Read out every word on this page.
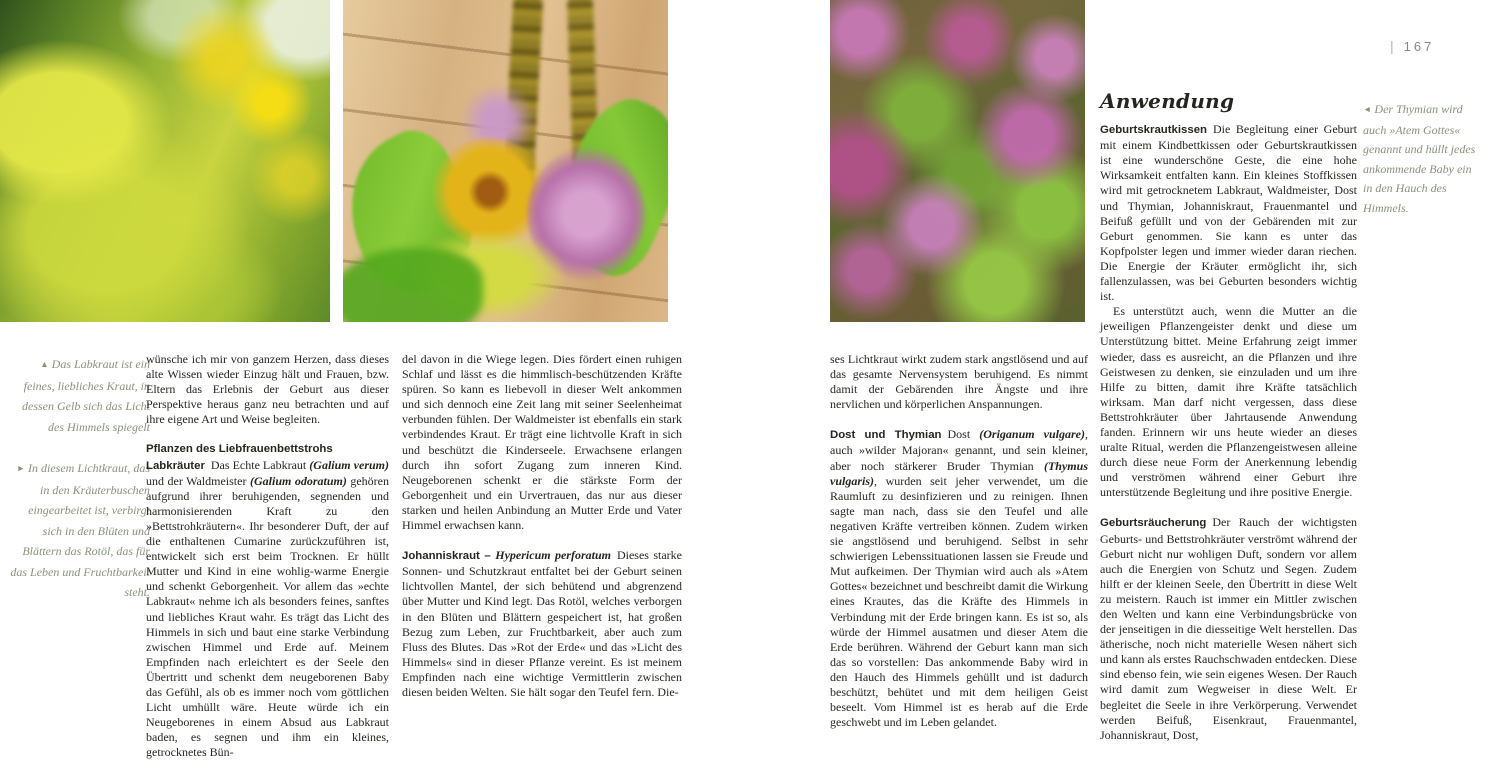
▲ Das Labkraut ist ein feines, liebliches Kraut, in dessen Gelb sich das Licht des Himmels spiegelt

► In diesem Lichtkraut, das in den Kräuterbuschen eingearbeitet ist, verbirgt sich in den Blüten und Blättern das Rotöl, das für das Leben und Fruchtbarkeit steht.

wünsche ich mir von ganzem Herzen, dass dieses alte Wissen wieder Einzug hält und Frauen, bzw. Eltern das Erlebnis der Geburt aus dieser Perspektive heraus ganz neu betrachten und auf ihre eigene Art und Weise begleiten.

Pflanzen des Liebfrauenbettstrohs

Labkräuter Das Echte Labkraut (Galium verum) und der Waldmeister (Galium odoratum) gehören aufgrund ihrer beruhigenden, segnenden und harmonisierenden Kraft zu den »Bettstrohkräutern«. Ihr besonderer Duft, der auf die enthaltenen Cumarine zurückzuführen ist, entwickelt sich erst beim Trocknen. Er hüllt Mutter und Kind in eine wohlig-warme Energie und schenkt Geborgenheit. Vor allem das »echte Labkraut« nehme ich als besonders feines, sanftes und liebliches Kraut wahr. Es trägt das Licht des Himmels in sich und baut eine starke Verbindung zwischen Himmel und Erde auf. Meinem Empfinden nach erleichtert es der Seele den Übertritt und schenkt dem neugeborenen Baby das Gefühl, als ob es immer noch vom göttlichen Licht umhüllt wäre. Heute würde ich ein Neugeborenes in einem Absud aus Labkraut baden, es segnen und ihm ein kleines, getrocknetes Bün-

del davon in die Wiege legen. Dies fördert einen ruhigen Schlaf und lässt es die himmlisch-beschützenden Kräfte spüren. So kann es liebevoll in dieser Welt ankommen und sich dennoch eine Zeit lang mit seiner Seelenheimat verbunden fühlen. Der Waldmeister ist ebenfalls ein stark verbindendes Kraut. Er trägt eine lichtvolle Kraft in sich und beschützt die Kinderseele. Erwachsene erlangen durch ihn sofort Zugang zum inneren Kind. Neugeborenen schenkt er die stärkste Form der Geborgenheit und ein Urvertrauen, das nur aus dieser starken und heilen Anbindung an Mutter Erde und Vater Himmel erwachsen kann.

Johanniskraut – Hypericum perforatum Dieses starke Sonnen- und Schutzkraut entfaltet bei der Geburt seinen lichtvollen Mantel, der sich behütend und abgrenzend über Mutter und Kind legt. Das Rotöl, welches verborgen in den Blüten und Blättern gespeichert ist, hat großen Bezug zum Leben, zur Fruchtbarkeit, aber auch zum Fluss des Blutes. Das »Rot der Erde« und das »Licht des Himmels« sind in dieser Pflanze vereint. Es ist meinem Empfinden nach eine wichtige Vermittlerin zwischen diesen beiden Welten. Sie hält sogar den Teufel fern. Die-

| 167
◄ Der Thymian wird auch »Atem Gottes« genannt und hüllt jedes ankommende Baby ein in den Hauch des Himmels.

ses Lichtkraut wirkt zudem stark angstlösend und auf das gesamte Nervensystem beruhigend. Es nimmt damit der Gebärenden ihre Ängste und ihre nervlichen und körperlichen Anspannungen.

Dost und Thymian Dost (Origanum vulgare), auch »wilder Majoran« genannt, und sein kleiner, aber noch stärkerer Bruder Thymian (Thymus vulgaris), wurden seit jeher verwendet, um die Raumluft zu desinfizieren und zu reinigen. Ihnen sagte man nach, dass sie den Teufel und alle negativen Kräfte vertreiben können. Zudem wirken sie angstlösend und beruhigend. Selbst in sehr schwierigen Lebenssituationen lassen sie Freude und Mut aufkeimen. Der Thymian wird auch als »Atem Gottes« bezeichnet und beschreibt damit die Wirkung eines Krautes, das die Kräfte des Himmels in Verbindung mit der Erde bringen kann. Es ist so, als würde der Himmel ausatmen und dieser Atem die Erde berühren. Während der Geburt kann man sich das so vorstellen: Das ankommende Baby wird in den Hauch des Himmels gehüllt und ist dadurch beschützt, behütet und mit dem heiligen Geist beseelt. Vom Himmel ist es herab auf die Erde geschwebt und im Leben gelandet.

Anwendung

Geburtskrautkissen Die Begleitung einer Geburt mit einem Kindbettkissen oder Geburtskrautkissen ist eine wunderschöne Geste, die eine hohe Wirksamkeit entfalten kann. Ein kleines Stoffkissen wird mit getrocknetem Labkraut, Waldmeister, Dost und Thymian, Johanniskraut, Frauenmantel und Beifuß gefüllt und von der Gebärenden mit zur Geburt genommen. Sie kann es unter das Kopfpolster legen und immer wieder daran riechen. Die Energie der Kräuter ermöglicht ihr, sich fallenzulassen, was bei Geburten besonders wichtig ist.

Es unterstützt auch, wenn die Mutter an die jeweiligen Pflanzengeister denkt und diese um Unterstützung bittet. Meine Erfahrung zeigt immer wieder, dass es ausreicht, an die Pflanzen und ihre Geistwesen zu denken, sie einzuladen und um ihre Hilfe zu bitten, damit ihre Kräfte tatsächlich wirksam. Man darf nicht vergessen, dass diese Bettstrohkräuter über Jahrtausende Anwendung fanden. Erinnern wir uns heute wieder an dieses uralte Ritual, werden die Pflanzengeistwesen alleine durch diese neue Form der Anerkennung lebendig und verströmen während einer Geburt ihre unterstützende Begleitung und ihre positive Energie.

Geburtsräucherung Der Rauch der wichtigsten Geburts- und Bettstrohkräuter verströmt während der Geburt nicht nur wohligen Duft, sondern vor allem auch die Energien von Schutz und Segen. Zudem hilft er der kleinen Seele, den Übertritt in diese Welt zu meistern. Rauch ist immer ein Mittler zwischen den Welten und kann eine Verbindungsbrücke von der jenseitigen in die diesseitige Welt herstellen. Das ätherische, noch nicht materielle Wesen nähert sich und kann als erstes Rauchschwaden entdecken. Diese sind ebenso fein, wie sein eigenes Wesen. Der Rauch wird damit zum Wegweiser in diese Welt. Er begleitet die Seele in ihre Verkörperung. Verwendet werden Beifuß, Eisenkraut, Frauenmantel, Johanniskraut, Dost,
